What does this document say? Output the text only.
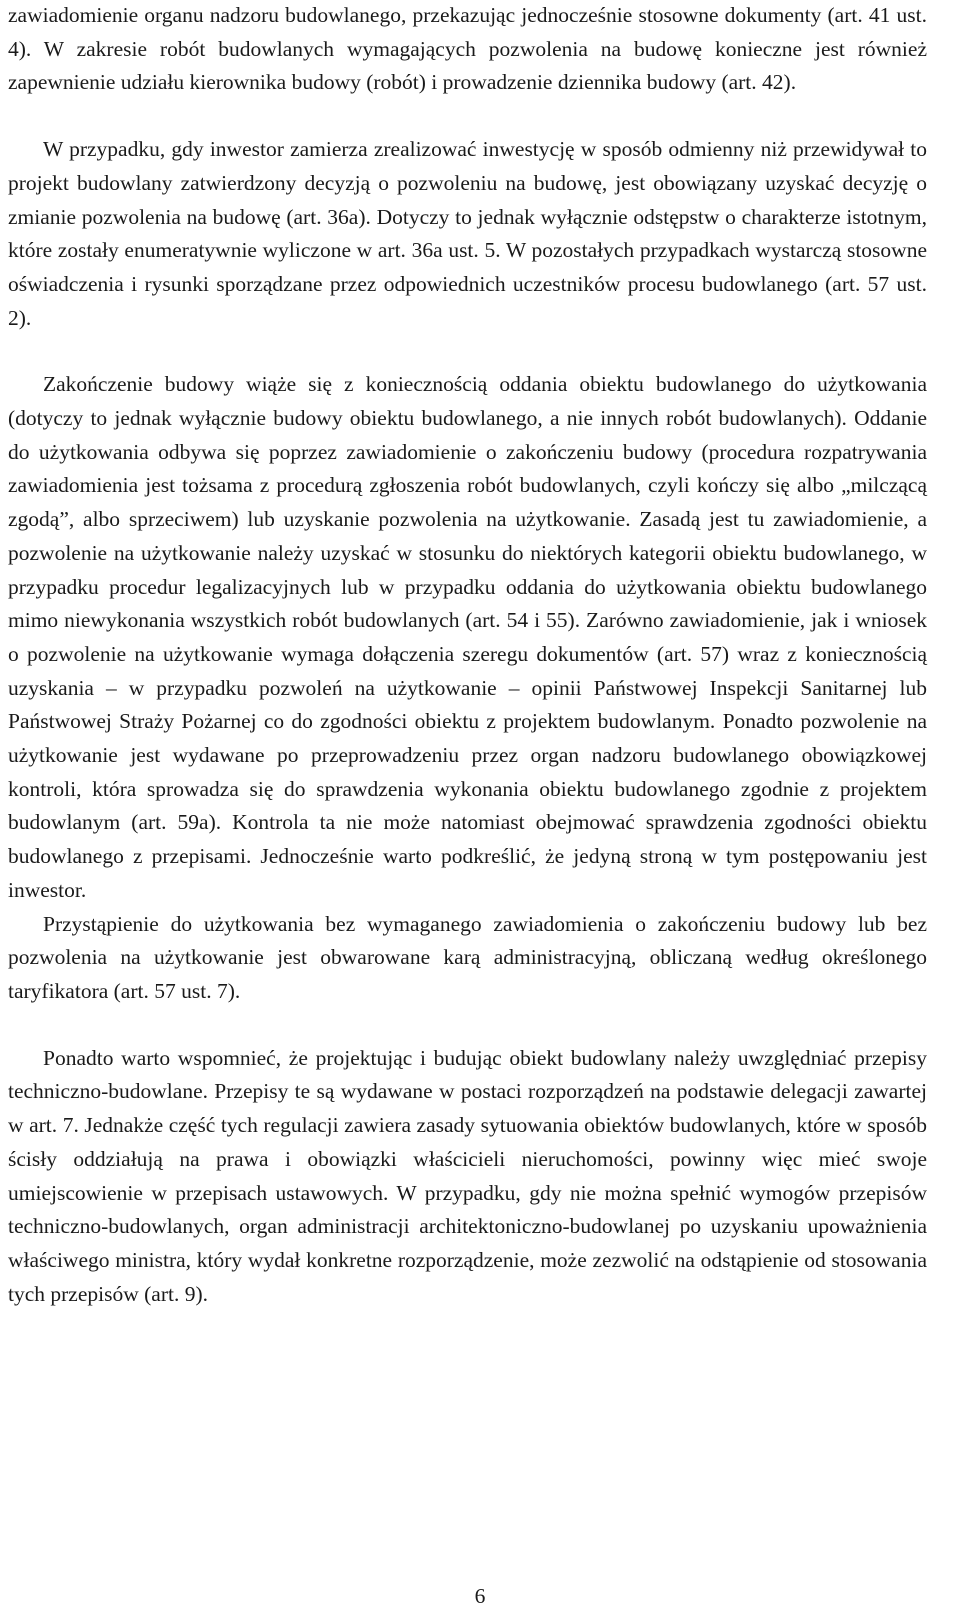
zawiadomienie organu nadzoru budowlanego, przekazując jednocześnie stosowne dokumenty (art. 41 ust. 4). W zakresie robót budowlanych wymagających pozwolenia na budowę konieczne jest również zapewnienie udziału kierownika budowy (robót) i prowadzenie dziennika budowy (art. 42).

W przypadku, gdy inwestor zamierza zrealizować inwestycję w sposób odmienny niż przewidywał to projekt budowlany zatwierdzony decyzją o pozwoleniu na budowę, jest obowiązany uzyskać decyzję o zmianie pozwolenia na budowę (art. 36a). Dotyczy to jednak wyłącznie odstępstw o charakterze istotnym, które zostały enumeratywnie wyliczone w art. 36a ust. 5. W pozostałych przypadkach wystarczą stosowne oświadczenia i rysunki sporządzane przez odpowiednich uczestników procesu budowlanego (art. 57 ust. 2).

Zakończenie budowy wiąże się z koniecznością oddania obiektu budowlanego do użytkowania (dotyczy to jednak wyłącznie budowy obiektu budowlanego, a nie innych robót budowlanych). Oddanie do użytkowania odbywa się poprzez zawiadomienie o zakończeniu budowy (procedura rozpatrywania zawiadomienia jest tożsama z procedurą zgłoszenia robót budowlanych, czyli kończy się albo „milczącą zgodą”, albo sprzeciwem) lub uzyskanie pozwolenia na użytkowanie. Zasadą jest tu zawiadomienie, a pozwolenie na użytkowanie należy uzyskać w stosunku do niektórych kategorii obiektu budowlanego, w przypadku procedur legalizacyjnych lub w przypadku oddania do użytkowania obiektu budowlanego mimo niewykonania wszystkich robót budowlanych (art. 54 i 55). Zarówno zawiadomienie, jak i wniosek o pozwolenie na użytkowanie wymaga dołączenia szeregu dokumentów (art. 57) wraz z koniecznością uzyskania – w przypadku pozwoleń na użytkowanie – opinii Państwowej Inspekcji Sanitarnej lub Państwowej Straży Pożarnej co do zgodności obiektu z projektem budowlanym. Ponadto pozwolenie na użytkowanie jest wydawane po przeprowadzeniu przez organ nadzoru budowlanego obowiązkowej kontroli, która sprowadza się do sprawdzenia wykonania obiektu budowlanego zgodnie z projektem budowlanym (art. 59a). Kontrola ta nie może natomiast obejmować sprawdzenia zgodności obiektu budowlanego z przepisami. Jednocześnie warto podkreślić, że jedyną stroną w tym postępowaniu jest inwestor.

Przystąpienie do użytkowania bez wymaganego zawiadomienia o zakończeniu budowy lub bez pozwolenia na użytkowanie jest obwarowane karą administracyjną, obliczaną według określonego taryfikatora (art. 57 ust. 7).

Ponadto warto wspomnieć, że projektując i budując obiekt budowlany należy uwzględniać przepisy techniczno-budowlane. Przepisy te są wydawane w postaci rozporządzeń na podstawie delegacji zawartej w art. 7. Jednakże część tych regulacji zawiera zasady sytuowania obiektów budowlanych, które w sposób ścisły oddziałują na prawa i obowiązki właścicieli nieruchomości, powinny więc mieć swoje umiejscowienie w przepisach ustawowych. W przypadku, gdy nie można spełnić wymogów przepisów techniczno-budowlanych, organ administracji architektoniczno-budowlanej po uzyskaniu upoważnienia właściwego ministra, który wydał konkretne rozporządzenie, może zezwolić na odstąpienie od stosowania tych przepisów (art. 9).

6
